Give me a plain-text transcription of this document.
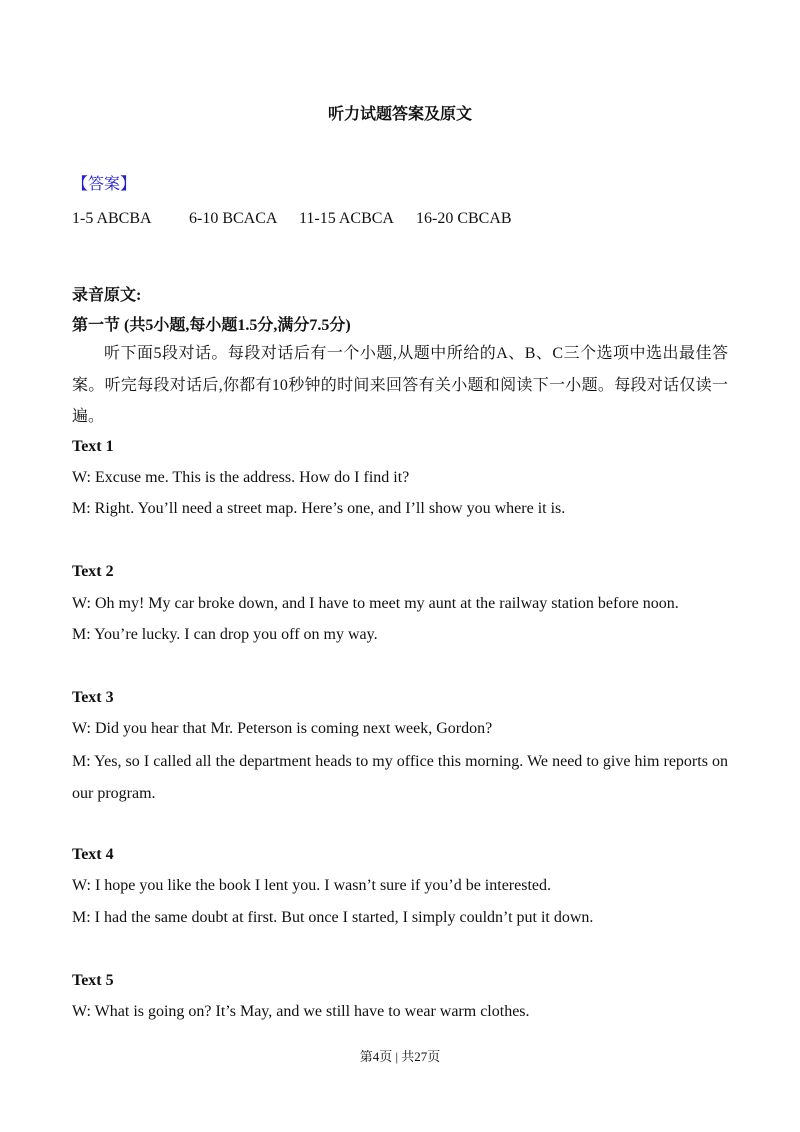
听力试题答案及原文
【答案】
1-5 ABCBA 6-10 BCACA 11-15 ACBCA 16-20 CBCAB
录音原文:
第一节 (共5小题,每小题1.5分,满分7.5分)
听下面5段对话。每段对话后有一个小题,从题中所给的A、B、C三个选项中选出最佳答案。听完每段对话后,你都有10秒钟的时间来回答有关小题和阅读下一小题。每段对话仅读一遍。
Text 1
W: Excuse me. This is the address. How do I find it?
M: Right. You’ll need a street map. Here’s one, and I’ll show you where it is.
Text 2
W: Oh my! My car broke down, and I have to meet my aunt at the railway station before noon.
M: You’re lucky. I can drop you off on my way.
Text 3
W: Did you hear that Mr. Peterson is coming next week, Gordon?
M: Yes, so I called all the department heads to my office this morning. We need to give him reports on our program.
Text 4
W: I hope you like the book I lent you. I wasn’t sure if you’d be interested.
M: I had the same doubt at first. But once I started, I simply couldn’t put it down.
Text 5
W: What is going on? It’s May, and we still have to wear warm clothes.
第4页 | 共27页
